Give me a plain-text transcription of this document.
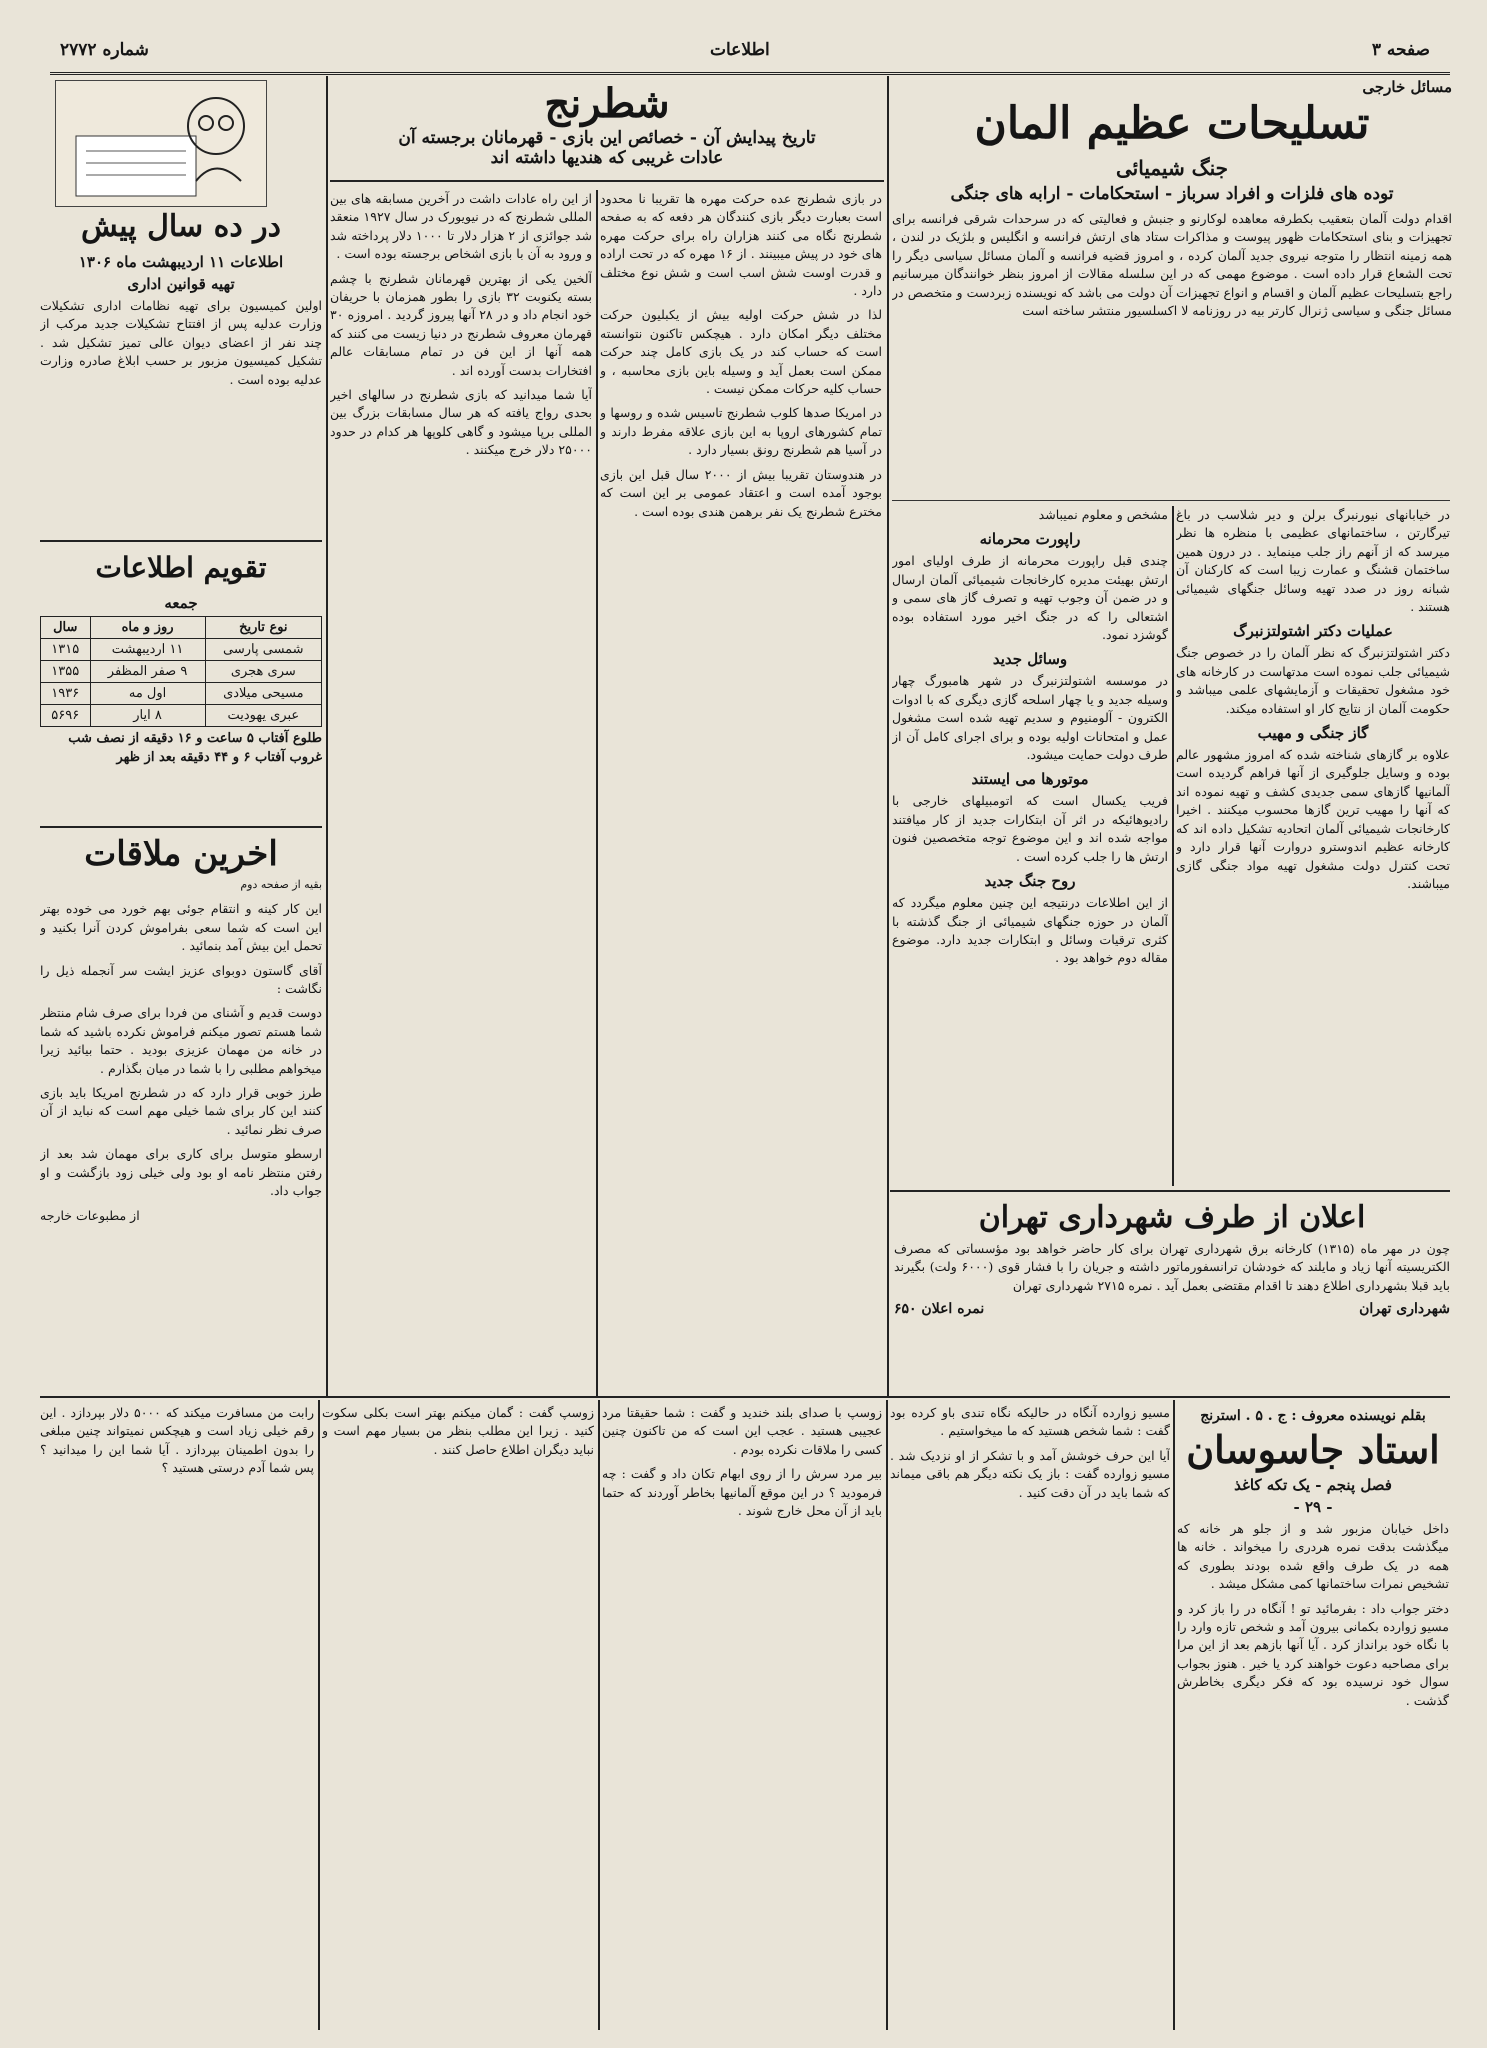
صفحه ۳
اطلاعات
شماره ۲۷۷۲
مسائل خارجی
تسلیحات عظیم المان
جنگ شیمیائی
توده های فلزات و افراد سرباز - استحکامات - ارابه های جنگی

اقدام دولت آلمان بتعقیب بکطرفه معاهده لوکارنو و جنبش و فعالیتی که در سرحدات شرقی فرانسه برای تجهیزات و بنای استحکامات ظهور پیوست و مذاکرات ستاد های ارتش فرانسه و انگلیس و بلژیک در لندن ، همه زمینه انتظار را متوجه نیروی جدید آلمان کرده ، و امروز قضیه فرانسه و آلمان مسائل سیاسی دیگر را تحت الشعاع قرار داده است . موضوع مهمی که در این سلسله مقالات از امروز بنظر خوانندگان میرسانیم راجع بتسلیحات عظیم آلمان و اقسام و انواع تجهیزات آن دولت می باشد که نویسنده زبردست و متخصص در مسائل جنگی و سیاسی ژنرال کارتر بیه در روزنامه لا اکسلسیور منتشر ساخته است

در خیابانهای نیورنبرگ برلن و دیر شلاسب در باغ تیرگارتن ، ساختمانهای عظیمی با منظره ها نظر میرسد که از آنهم راز جلب مینماید . در درون همین ساختمان قشنگ و عمارت زیبا است که کارکنان آن شبانه روز در صدد تهیه وسائل جنگهای شیمیائی هستند .

عملیات دکتر اشتولتزنبرگ

دکتر اشتولتزنبرگ که نظر آلمان را در خصوص جنگ شیمیائی جلب نموده است مدتهاست در کارخانه های خود مشغول تحقیقات و آزمایشهای علمی میباشد و حکومت آلمان از نتایج کار او استفاده میکند.

گاز جنگی و مهیب

علاوه بر گازهای شناخته شده که امروز مشهور عالم بوده و وسایل جلوگیری از آنها فراهم گردیده است آلمانیها گازهای سمی جدیدی کشف و تهیه نموده اند که آنها را مهیب ترین گازها محسوب میکنند . اخیرا کارخانجات شیمیائی آلمان اتحادیه تشکیل داده اند که کارخانه عظیم اندوسترو دروارت آنها قرار دارد و تحت کنترل دولت مشغول تهیه مواد جنگی گازی میباشند.

مشخص و معلوم نمیباشد

راپورت محرمانه

چندی قبل راپورت محرمانه از طرف اولیای امور ارتش بهیئت مدیره کارخانجات شیمیائی آلمان ارسال و در ضمن آن وجوب تهیه و تصرف گاز های سمی و اشتعالی را که در جنگ اخیر مورد استفاده بوده گوشزد نمود.

وسائل جدید

در موسسه اشتولتزنبرگ در شهر هامبورگ چهار وسیله جدید و یا چهار اسلحه گازی دیگری که با ادوات الکترون - آلومنیوم و سدیم تهیه شده است مشغول عمل و امتحانات اولیه بوده و برای اجرای کامل آن از طرف دولت حمایت میشود.

موتورها می ایستند

فریب یکسال است که اتومبیلهای خارجی با رادیوهائیکه در اثر آن ابتکارات جدید از کار میافتند مواجه شده اند و این موضوع توجه متخصصین فنون ارتش ها را جلب کرده است .

روح جنگ جدید

از این اطلاعات درنتیجه این چنین معلوم میگردد که آلمان در حوزه جنگهای شیمیائی از جنگ گذشته با کثری ترقیات وسائل و ابتکارات جدید دارد. موضوع مقاله دوم خواهد بود .

اعلان از طرف شهرداری تهران

چون در مهر ماه (۱۳۱۵) کارخانه برق شهرداری تهران برای کار حاضر خواهد بود مؤسساتی که مصرف الکتریسیته آنها زیاد و مایلند که خودشان ترانسفورماتور داشته و جریان را با فشار قوی (۶۰۰۰ ولت) بگیرند باید قبلا بشهرداری اطلاع دهند تا اقدام مقتضی بعمل آید . نمره ۲۷۱۵ شهرداری تهران

شهرداری تهران
نمره اعلان ۶۵۰
شطرنج
تاریخ پیدایش آن - خصائص این بازی - قهرمانان برجسته آن
عادات غریبی که هندیها داشته اند

در بازی شطرنج عده حرکت مهره ها تقریبا نا محدود است بعبارت دیگر بازی کنندگان هر دفعه که به صفحه شطرنج نگاه می کنند هزاران راه برای حرکت مهره های خود در پیش میبینند . از ۱۶ مهره که در تحت اراده و قدرت اوست شش اسب است و شش نوع مختلف دارد .

لذا در شش حرکت اولیه بیش از یکبلیون حرکت مختلف دیگر امکان دارد . هیچکس تاکنون نتوانسته است که حساب کند در یک بازی کامل چند حرکت ممکن است بعمل آید و وسیله باین بازی محاسبه ، و حساب کلیه حرکات ممکن نیست .

در امریکا صدها کلوب شطرنج تاسیس شده و روسها و تمام کشورهای اروپا به این بازی علاقه مفرط دارند و در آسیا هم شطرنج رونق بسیار دارد .

در هندوستان تقریبا بیش از ۲۰۰۰ سال قبل این بازی بوجود آمده است و اعتقاد عمومی بر این است که مخترع شطرنج یک نفر برهمن هندی بوده است .

از این راه عادات داشت در آخرین مسابقه های بین المللی شطرنج که در نیویورک در سال ۱۹۲۷ منعقد شد جوائزی از ۲ هزار دلار تا ۱۰۰۰ دلار پرداخته شد و ورود به آن با بازی اشخاص برجسته بوده است .

آلخین یکی از بهترین قهرمانان شطرنج با چشم بسته یکنوبت ۳۲ بازی را بطور همزمان با حریفان خود انجام داد و در ۲۸ آنها پیروز گردید . امروزه ۳۰ قهرمان معروف شطرنج در دنیا زیست می کنند که همه آنها از این فن در تمام مسابقات عالم افتخارات بدست آورده اند .

آیا شما میدانید که بازی شطرنج در سالهای اخیر بحدی رواج یافته که هر سال مسابقات بزرگ بین المللی برپا میشود و گاهی کلوپها هر کدام در حدود ۲۵۰۰۰ دلار خرج میکنند .

در ده سال پیش
اطلاعات ۱۱ اردیبهشت ماه ۱۳۰۶
تهیه قوانین اداری

اولین کمیسیون برای تهیه نظامات اداری تشکیلات وزارت عدلیه پس از افتتاح تشکیلات جدید مرکب از چند نفر از اعضای دیوان عالی تمیز تشکیل شد . تشکیل کمیسیون مزبور بر حسب ابلاغ صادره وزارت عدلیه بوده است .

تقویم اطلاعات
جمعه
نوع تاریخ	روز و ماه	سال
شمسی پارسی	۱۱ اردیبهشت	۱۳۱۵
سری هجری	۹ صفر المظفر	۱۳۵۵
مسیحی میلادی	اول مه	۱۹۳۶
عبری یهودیت	۸ ایار	۵۶۹۶
طلوع آفتاب ۵ ساعت و ۱۶ دقیقه از نصف شب
غروب آفتاب ۶ و ۴۴ دقیقه بعد از ظهر
اخرین ملاقات

بقیه از صفحه دوم

این کار کینه و انتقام جوئی بهم خورد می خوده بهتر این است که شما سعی بفراموش کردن آنرا بکنید و تحمل این بیش آمد بنمائید .

آقای گاستون دوبوای عزیز ایشت سر آنجمله ذیل را نگاشت :

دوست قدیم و آشنای من فردا برای صرف شام منتظر شما هستم تصور میکنم فراموش نکرده باشید که شما در خانه من مهمان عزیزی بودید . حتما بیائید زیرا میخواهم مطلبی را با شما در میان بگذارم .

طرز خوبی قرار دارد که در شطرنج امریکا باید بازی کنند این کار برای شما خیلی مهم است که نباید از آن صرف نظر نمائید .

ارسطو متوسل برای کاری برای مهمان شد بعد از رفتن منتظر نامه او بود ولی خیلی زود بازگشت و او جواب داد.

از مطبوعات خارجه

بقلم نویسنده معروف : ج . ۵ . استرنج
استاد جاسوسان
فصل پنجم - یک تکه کاغذ
- ۲۹ -

داخل خیابان مزبور شد و از جلو هر خانه که میگذشت بدقت نمره هردری را میخواند . خانه ها همه در یک طرف واقع شده بودند بطوری که تشخیص نمرات ساختمانها کمی مشکل میشد .

دختر جواب داد : بفرمائید تو ! آنگاه در را باز کرد و مسیو زوارده بکمانی بیرون آمد و شخص تازه وارد را با نگاه خود برانداز کرد . آیا آنها بازهم بعد از این مرا برای مصاحبه دعوت خواهند کرد یا خیر . هنوز بجواب سوال خود نرسیده بود که فکر دیگری بخاطرش گذشت .

مسیو زوارده آنگاه در حالیکه نگاه تندی باو کرده بود گفت : شما شخص هستید که ما میخواستیم .

آیا این حرف خوشش آمد و با تشکر از او نزدیک شد . مسیو زوارده گفت : باز یک نکته دیگر هم باقی میماند که شما باید در آن دقت کنید .

زوسپ با صدای بلند خندید و گفت : شما حقیقتا مرد عجیبی هستید . عجب این است که من تاکنون چنین کسی را ملاقات نکرده بودم .

بیر مرد سرش را از روی ابهام تکان داد و گفت : چه فرمودید ؟ در این موقع آلمانیها بخاطر آوردند که حتما باید از آن محل خارج شوند .

زوسپ گفت : گمان میکنم بهتر است بکلی سکوت کنید . زیرا این مطلب بنظر من بسیار مهم است و نباید دیگران اطلاع حاصل کنند .

رابت من مسافرت میکند که ۵۰۰۰ دلار بپردازد . این رقم خیلی زیاد است و هیچکس نمیتواند چنین مبلغی را بدون اطمینان بپردازد . آیا شما این را میدانید ؟ پس شما آدم درستی هستید ؟
